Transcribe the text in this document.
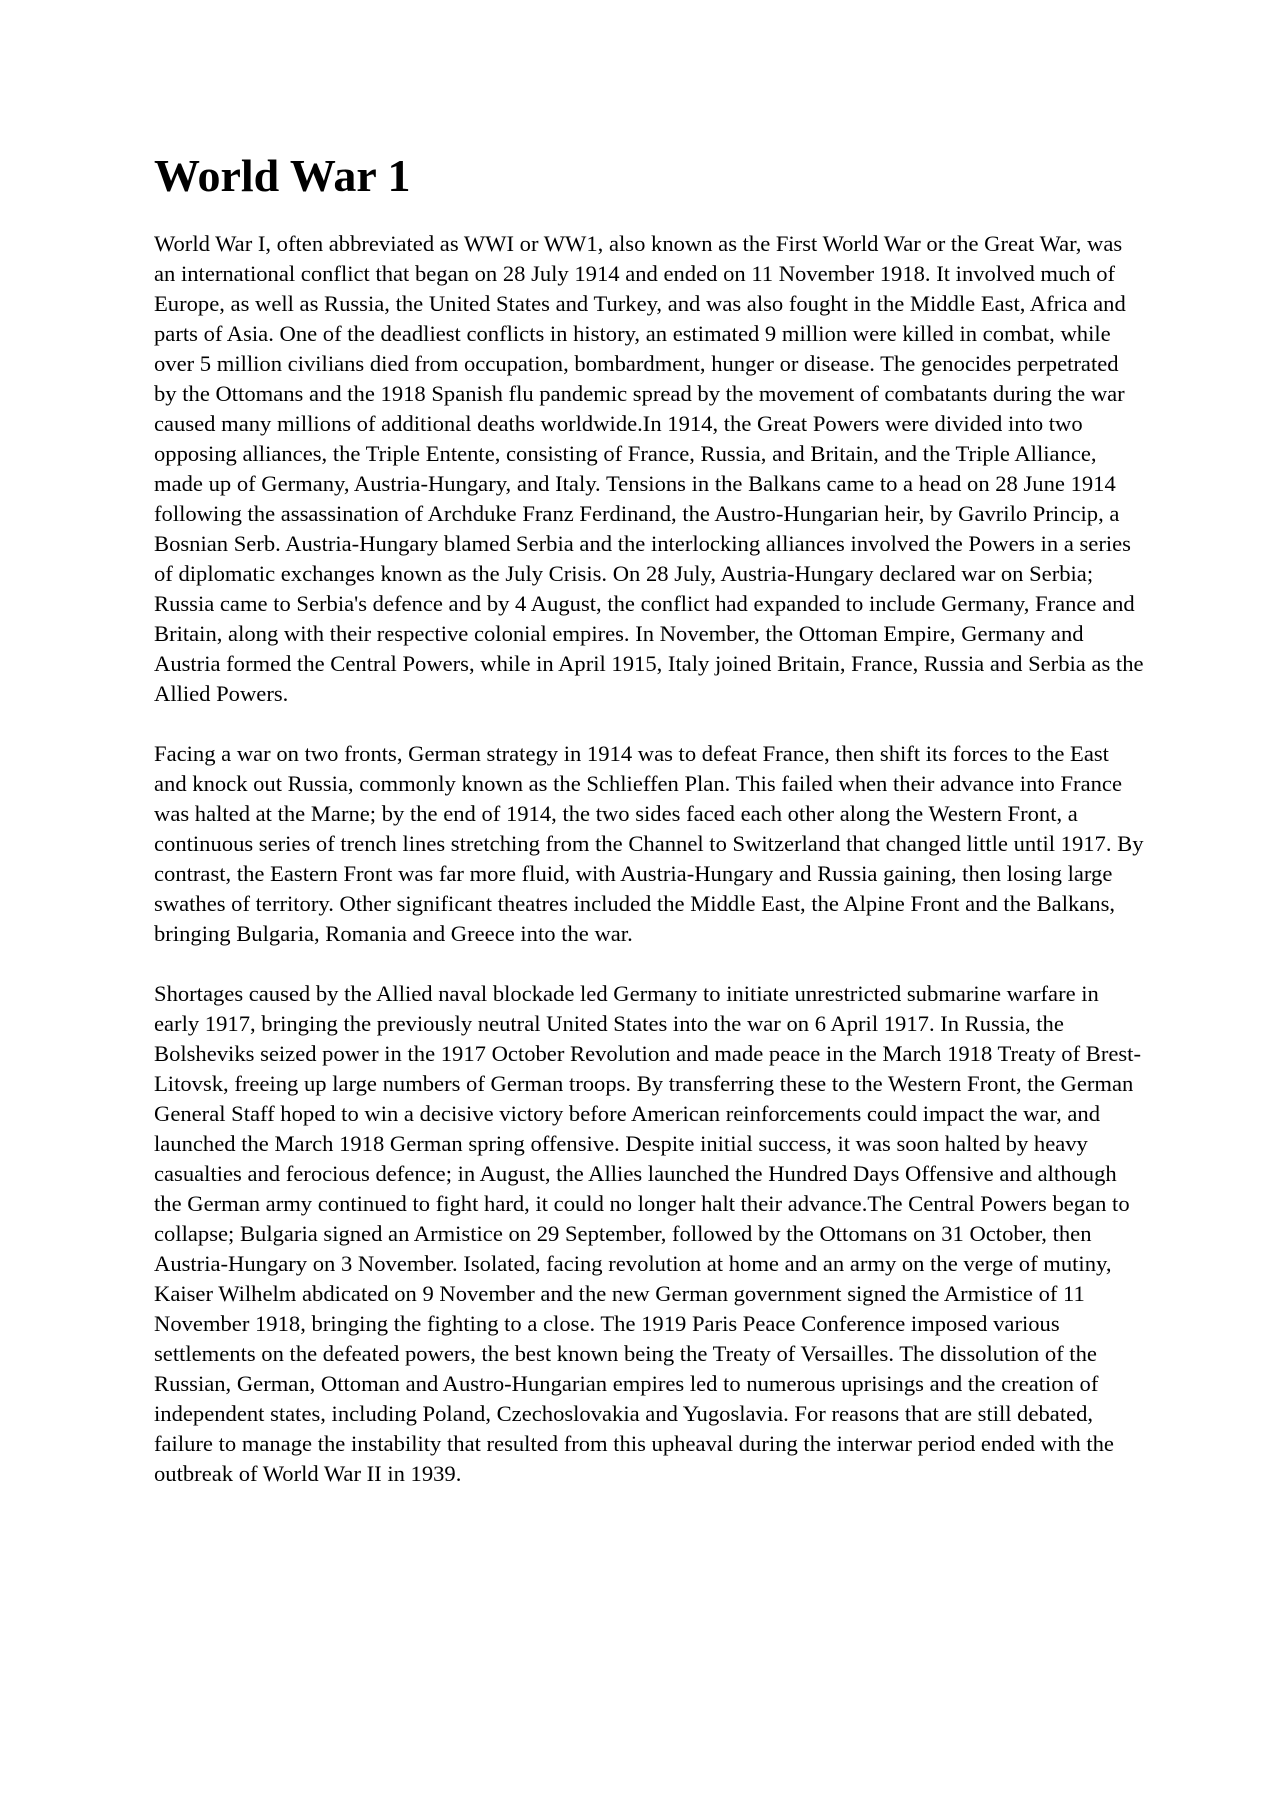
World War 1

World War I, often abbreviated as WWI or WW1, also known as the First World War or the Great War, was an international conflict that began on 28 July 1914 and ended on 11 November 1918. It involved much of Europe, as well as Russia, the United States and Turkey, and was also fought in the Middle East, Africa and parts of Asia. One of the deadliest conflicts in history, an estimated 9 million were killed in combat, while over 5 million civilians died from occupation, bombardment, hunger or disease. The genocides perpetrated by the Ottomans and the 1918 Spanish flu pandemic spread by the movement of combatants during the war caused many millions of additional deaths worldwide.In 1914, the Great Powers were divided into two opposing alliances, the Triple Entente, consisting of France, Russia, and Britain, and the Triple Alliance, made up of Germany, Austria-Hungary, and Italy. Tensions in the Balkans came to a head on 28 June 1914 following the assassination of Archduke Franz Ferdinand, the Austro-Hungarian heir, by Gavrilo Princip, a Bosnian Serb. Austria-Hungary blamed Serbia and the interlocking alliances involved the Powers in a series of diplomatic exchanges known as the July Crisis. On 28 July, Austria-Hungary declared war on Serbia; Russia came to Serbia's defence and by 4 August, the conflict had expanded to include Germany, France and Britain, along with their respective colonial empires. In November, the Ottoman Empire, Germany and Austria formed the Central Powers, while in April 1915, Italy joined Britain, France, Russia and Serbia as the Allied Powers.

Facing a war on two fronts, German strategy in 1914 was to defeat France, then shift its forces to the East and knock out Russia, commonly known as the Schlieffen Plan. This failed when their advance into France was halted at the Marne; by the end of 1914, the two sides faced each other along the Western Front, a continuous series of trench lines stretching from the Channel to Switzerland that changed little until 1917. By contrast, the Eastern Front was far more fluid, with Austria-Hungary and Russia gaining, then losing large swathes of territory. Other significant theatres included the Middle East, the Alpine Front and the Balkans, bringing Bulgaria, Romania and Greece into the war.

Shortages caused by the Allied naval blockade led Germany to initiate unrestricted submarine warfare in early 1917, bringing the previously neutral United States into the war on 6 April 1917. In Russia, the Bolsheviks seized power in the 1917 October Revolution and made peace in the March 1918 Treaty of Brest-Litovsk, freeing up large numbers of German troops. By transferring these to the Western Front, the German General Staff hoped to win a decisive victory before American reinforcements could impact the war, and launched the March 1918 German spring offensive. Despite initial success, it was soon halted by heavy casualties and ferocious defence; in August, the Allies launched the Hundred Days Offensive and although the German army continued to fight hard, it could no longer halt their advance.The Central Powers began to collapse; Bulgaria signed an Armistice on 29 September, followed by the Ottomans on 31 October, then Austria-Hungary on 3 November. Isolated, facing revolution at home and an army on the verge of mutiny, Kaiser Wilhelm abdicated on 9 November and the new German government signed the Armistice of 11 November 1918, bringing the fighting to a close. The 1919 Paris Peace Conference imposed various settlements on the defeated powers, the best known being the Treaty of Versailles. The dissolution of the Russian, German, Ottoman and Austro-Hungarian empires led to numerous uprisings and the creation of independent states, including Poland, Czechoslovakia and Yugoslavia. For reasons that are still debated, failure to manage the instability that resulted from this upheaval during the interwar period ended with the outbreak of World War II in 1939.
